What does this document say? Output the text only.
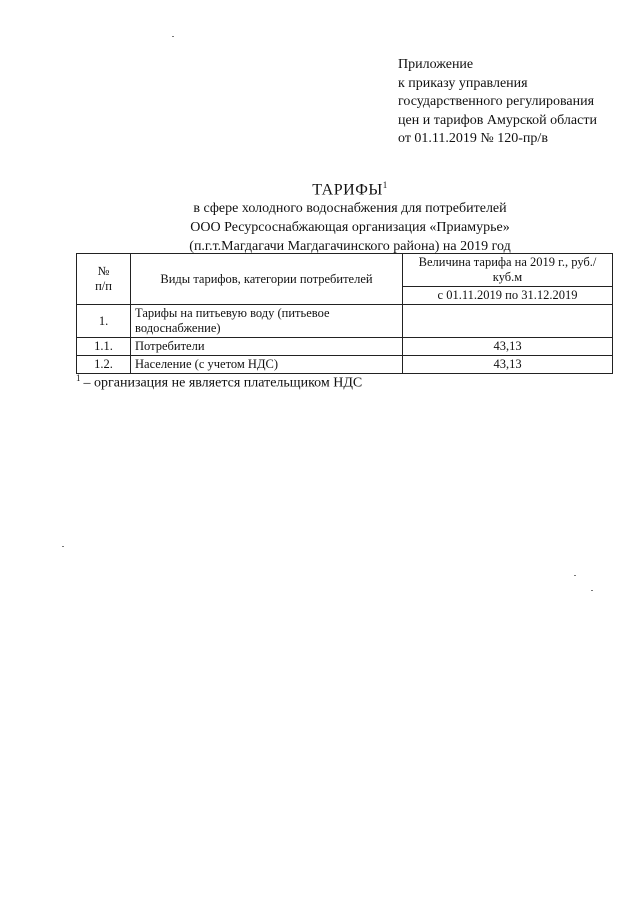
Приложение
к приказу управления
государственного регулирования
цен и тарифов Амурской области
от 01.11.2019 № 120-пр/в
ТАРИФЫ$^1$
в сфере холодного водоснабжения для потребителей
ООО Ресурсоснабжающая организация «Приамурье»
(п.г.т.Магдагачи Магдагачинского района) на 2019 год
№
п/п	Виды тарифов, категории потребителей	Величина тарифа на 2019 г., руб./куб.м
		с 01.11.2019 по 31.12.2019
1.	Тарифы на питьевую воду (питьевое водоснабжение)	
1.1.	Потребители	43,13
1.2.	Население (с учетом НДС)	43,13
$^1$ – организация не является плательщиком НДС
